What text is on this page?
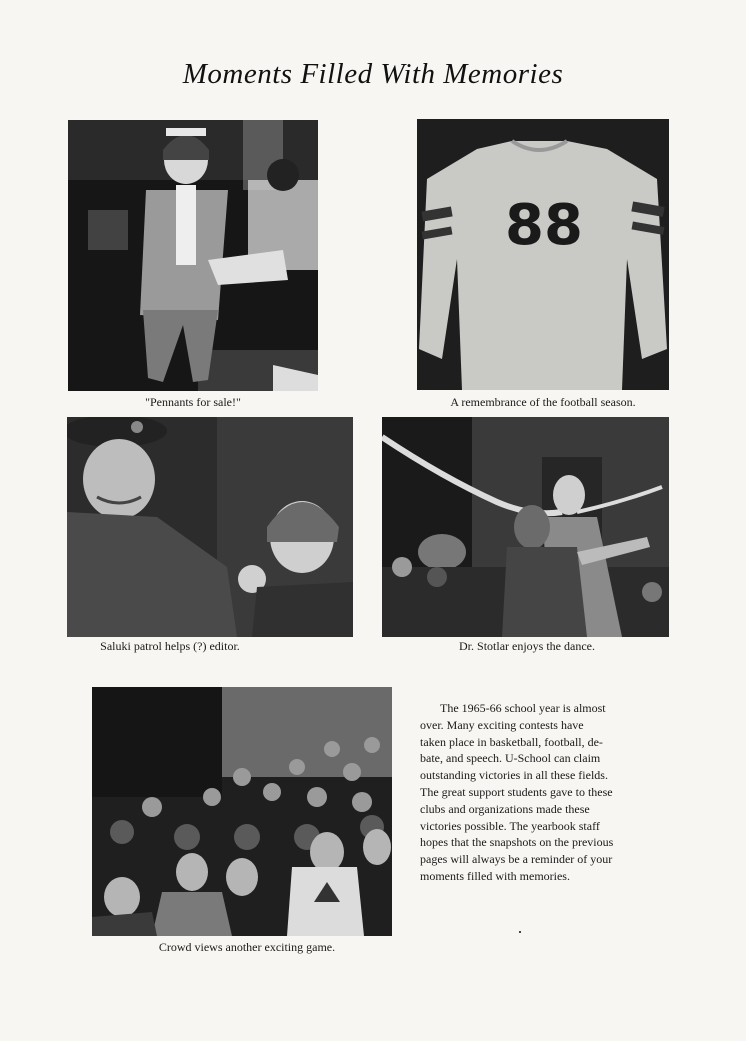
Moments Filled With Memories
"Pennants for sale!"
88
A remembrance of the football season.
Saluki patrol helps (?) editor.	Dr. Stotlar enjoys the dance.
Crowd views another exciting game.
The 1965-66 school year is almost
over. Many exciting contests have
taken place in basketball, football, de-
bate, and speech. U-School can claim
outstanding victories in all these fields.
The great support students gave to these
clubs and organizations made these
victories possible. The yearbook staff
hopes that the snapshots on the previous
pages will always be a reminder of your
moments filled with memories.
